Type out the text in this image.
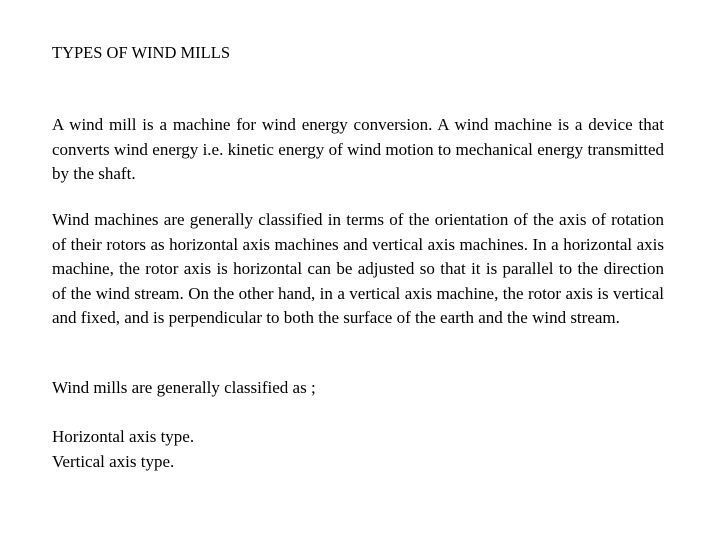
TYPES OF WIND MILLS

A wind mill is a machine for wind energy conversion. A wind machine is a device that converts wind energy i.e. kinetic energy of wind motion to mechanical energy transmitted by the shaft.

Wind machines are generally classified in terms of the orientation of the axis of rotation of their rotors as horizontal axis machines and vertical axis machines. In a horizontal axis machine, the rotor axis is horizontal can be adjusted so that it is parallel to the direction of the wind stream. On the other hand, in a vertical axis machine, the rotor axis is vertical and fixed, and is perpendicular to both the surface of the earth and the wind stream.

Wind mills are generally classified as ;

Horizontal axis type.
Vertical axis type.
